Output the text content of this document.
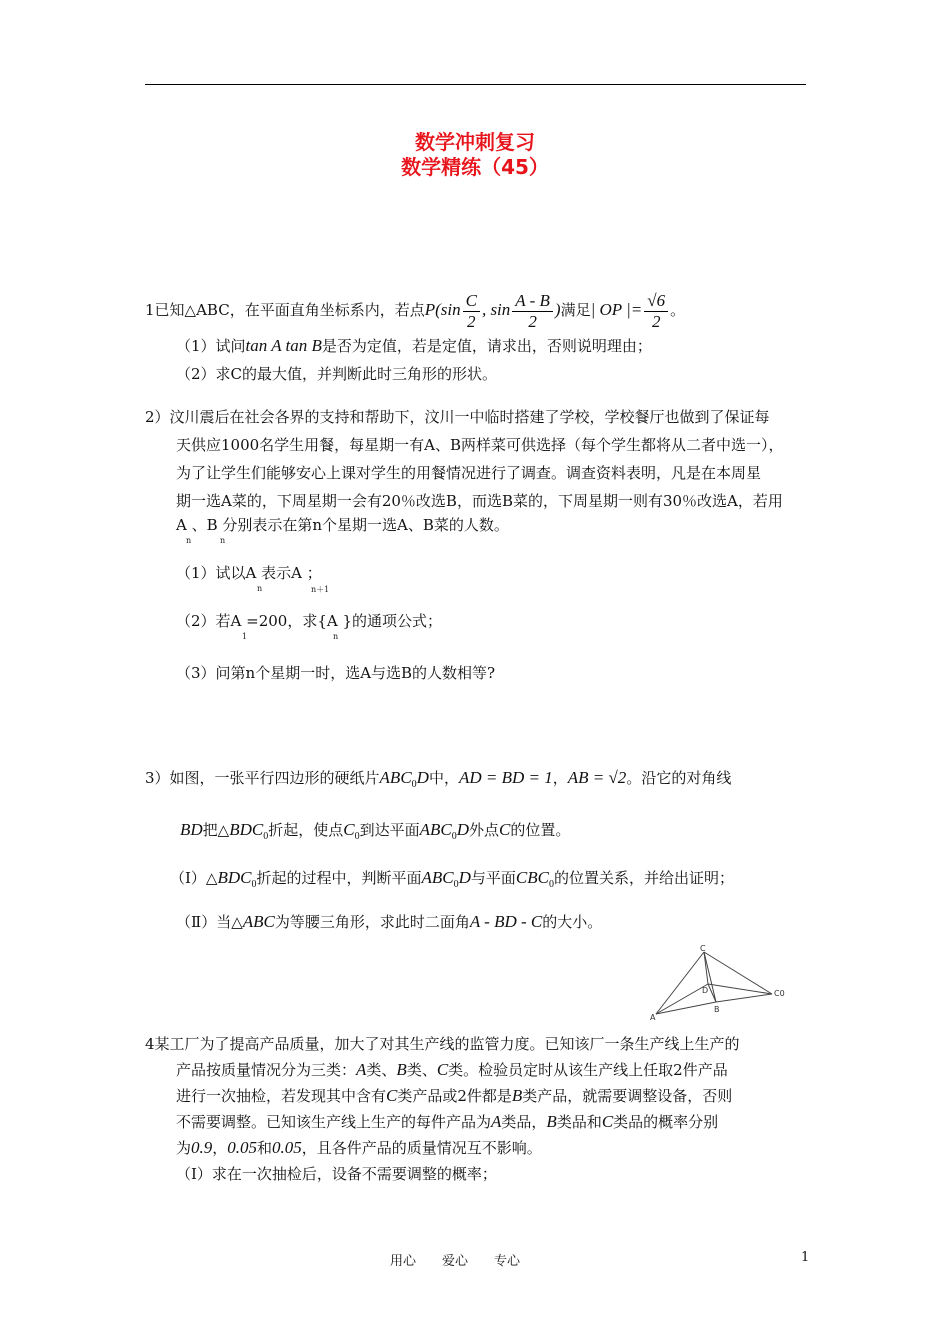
数学冲刺复习
数学精练（45）
1已知△ABC，在平面直角坐标系内，若点$P(\sin \frac{C}{2}$ , $\sin \frac{A - B}{2}$ )满足| OP |= $\frac{√6}{2}$ 。
（1）试问tan A tan B是否为定值，若是定值，请求出，否则说明理由；
（2）求C的最大值，并判断此时三角形的形状。
2）汶川震后在社会各界的支持和帮助下，汶川一中临时搭建了学校，学校餐厅也做到了保证每
天供应1000名学生用餐，每星期一有A、B两样菜可供选择（每个学生都将从二者中选一），
为了让学生们能够安心上课对学生的用餐情况进行了调查。调查资料表明，凡是在本周星
期一选A菜的，下周星期一会有20％改选B，而选B菜的，下周星期一则有30％改选A，若用
A 、B 分别表示在第n个星期一选A、B菜的人数。
n	n
（1）试以A 表示A ；
n	n＋1
（2）若A =200，求{A }的通项公式；
1	n
（3）问第n个星期一时，选A与选B的人数相等?
3）如图，一张平行四边形的硬纸片$ABC_0D$中，AD = BD = 1，AB = √2。沿它的对角线
BD把$\triangle BDC_0$折起，使点$C_0$到达平面$ABC_0D$外点C的位置。
$(Ⅰ)\triangle BDC_0$折起的过程中，判断平面$ABC_0D$与平面$CBC_0$的位置关系，并给出证明；
（Ⅱ）当△ABC为等腰三角形，求此时二面角A - BD - C的大小。
C
A
B
D	C0
4某工厂为了提高产品质量，加大了对其生产线的监管力度。已知该厂一条生产线上生产的
产品按质量情况分为三类：A类、B类、C类。检验员定时从该生产线上任取2件产品
进行一次抽检，若发现其中含有C类产品或2件都是B类产品，就需要调整设备，否则
不需要调整。已知该生产线上生产的每件产品为A类品，B类品和C类品的概率分别
为0.9，0.05和0.05，且各件产品的质量情况互不影响。
（Ⅰ）求在一次抽检后，设备不需要调整的概率；
用心　　爱心　　专心	1
